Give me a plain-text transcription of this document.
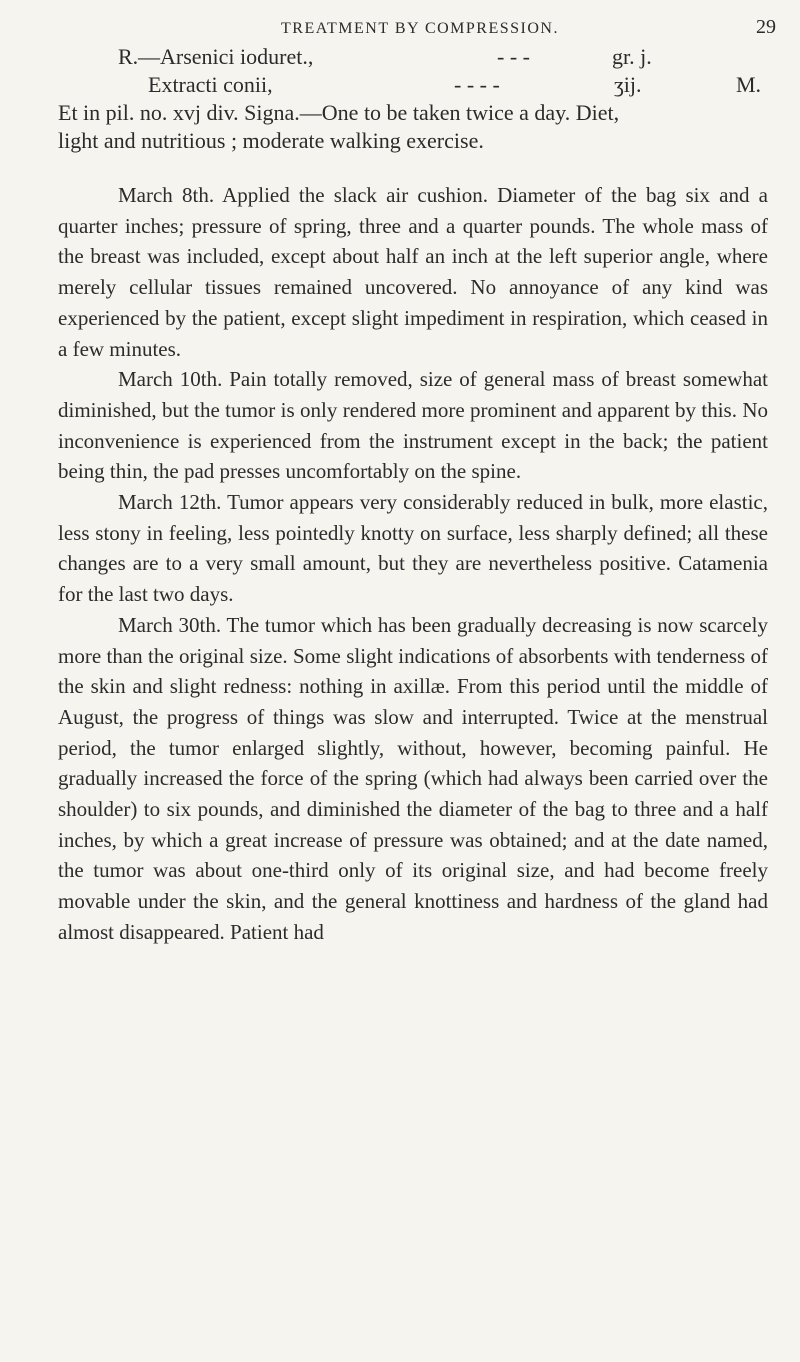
TREATMENT BY COMPRESSION.	29
R. —Arsenici ioduret.,	- - -	gr. j.
Extracti conii,	- - - -	ʒij.	M.
Et in pil. no. xvj div. Signa.—One to be taken twice a day. Diet,
light and nutritious ; moderate walking exercise.

March 8th. Applied the slack air cushion. Diameter of the bag six and a quarter inches; pressure of spring, three and a quarter pounds. The whole mass of the breast was included, except about half an inch at the left superior angle, where merely cellular tissues remained uncovered. No annoyance of any kind was experienced by the patient, except slight impediment in respiration, which ceased in a few minutes.

March 10th. Pain totally removed, size of general mass of breast somewhat diminished, but the tumor is only rendered more prominent and apparent by this. No inconvenience is experienced from the instrument except in the back; the patient being thin, the pad presses uncomfortably on the spine.

March 12th. Tumor appears very considerably reduced in bulk, more elastic, less stony in feeling, less pointedly knotty on surface, less sharply defined; all these changes are to a very small amount, but they are nevertheless positive. Catamenia for the last two days.

March 30th. The tumor which has been gradually decreasing is now scarcely more than the original size. Some slight indications of absorbents with tenderness of the skin and slight redness: nothing in axillæ. From this period until the middle of August, the progress of things was slow and interrupted. Twice at the menstrual period, the tumor enlarged slightly, without, however, becoming painful. He gradually increased the force of the spring (which had always been carried over the shoulder) to six pounds, and diminished the diameter of the bag to three and a half inches, by which a great increase of pressure was obtained; and at the date named, the tumor was about one-third only of its original size, and had become freely movable under the skin, and the general knottiness and hardness of the gland had almost disappeared. Patient had
